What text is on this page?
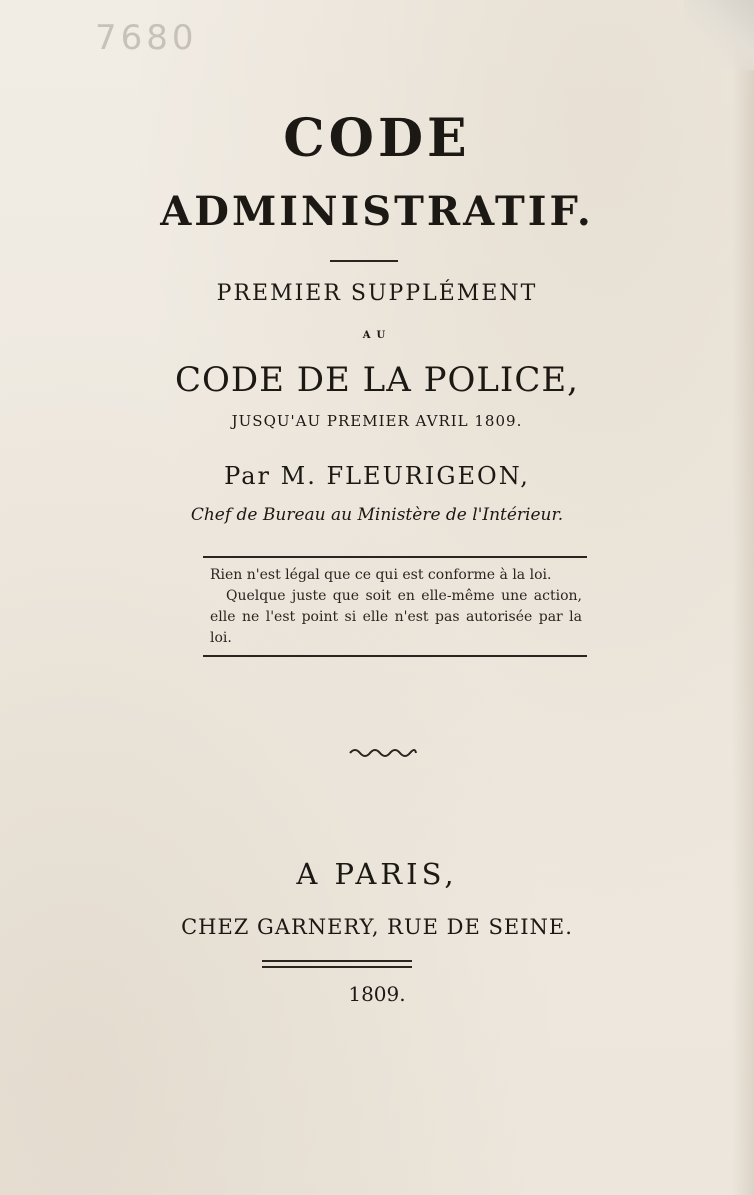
7680
CODE
ADMINISTRATIF.
PREMIER SUPPLÉMENT
AU
CODE DE LA POLICE,
JUSQU'AU PREMIER AVRIL 1809.
Par M. FLEURIGEON,
Chef de Bureau au Ministère de l'Intérieur.
Rien n'est légal que ce qui est conforme à la loi.
Quelque juste que soit en elle-même une action, elle ne l'est point si elle n'est pas autorisée par la loi.
A PARIS,
CHEZ GARNERY, RUE DE SEINE.
1809.
